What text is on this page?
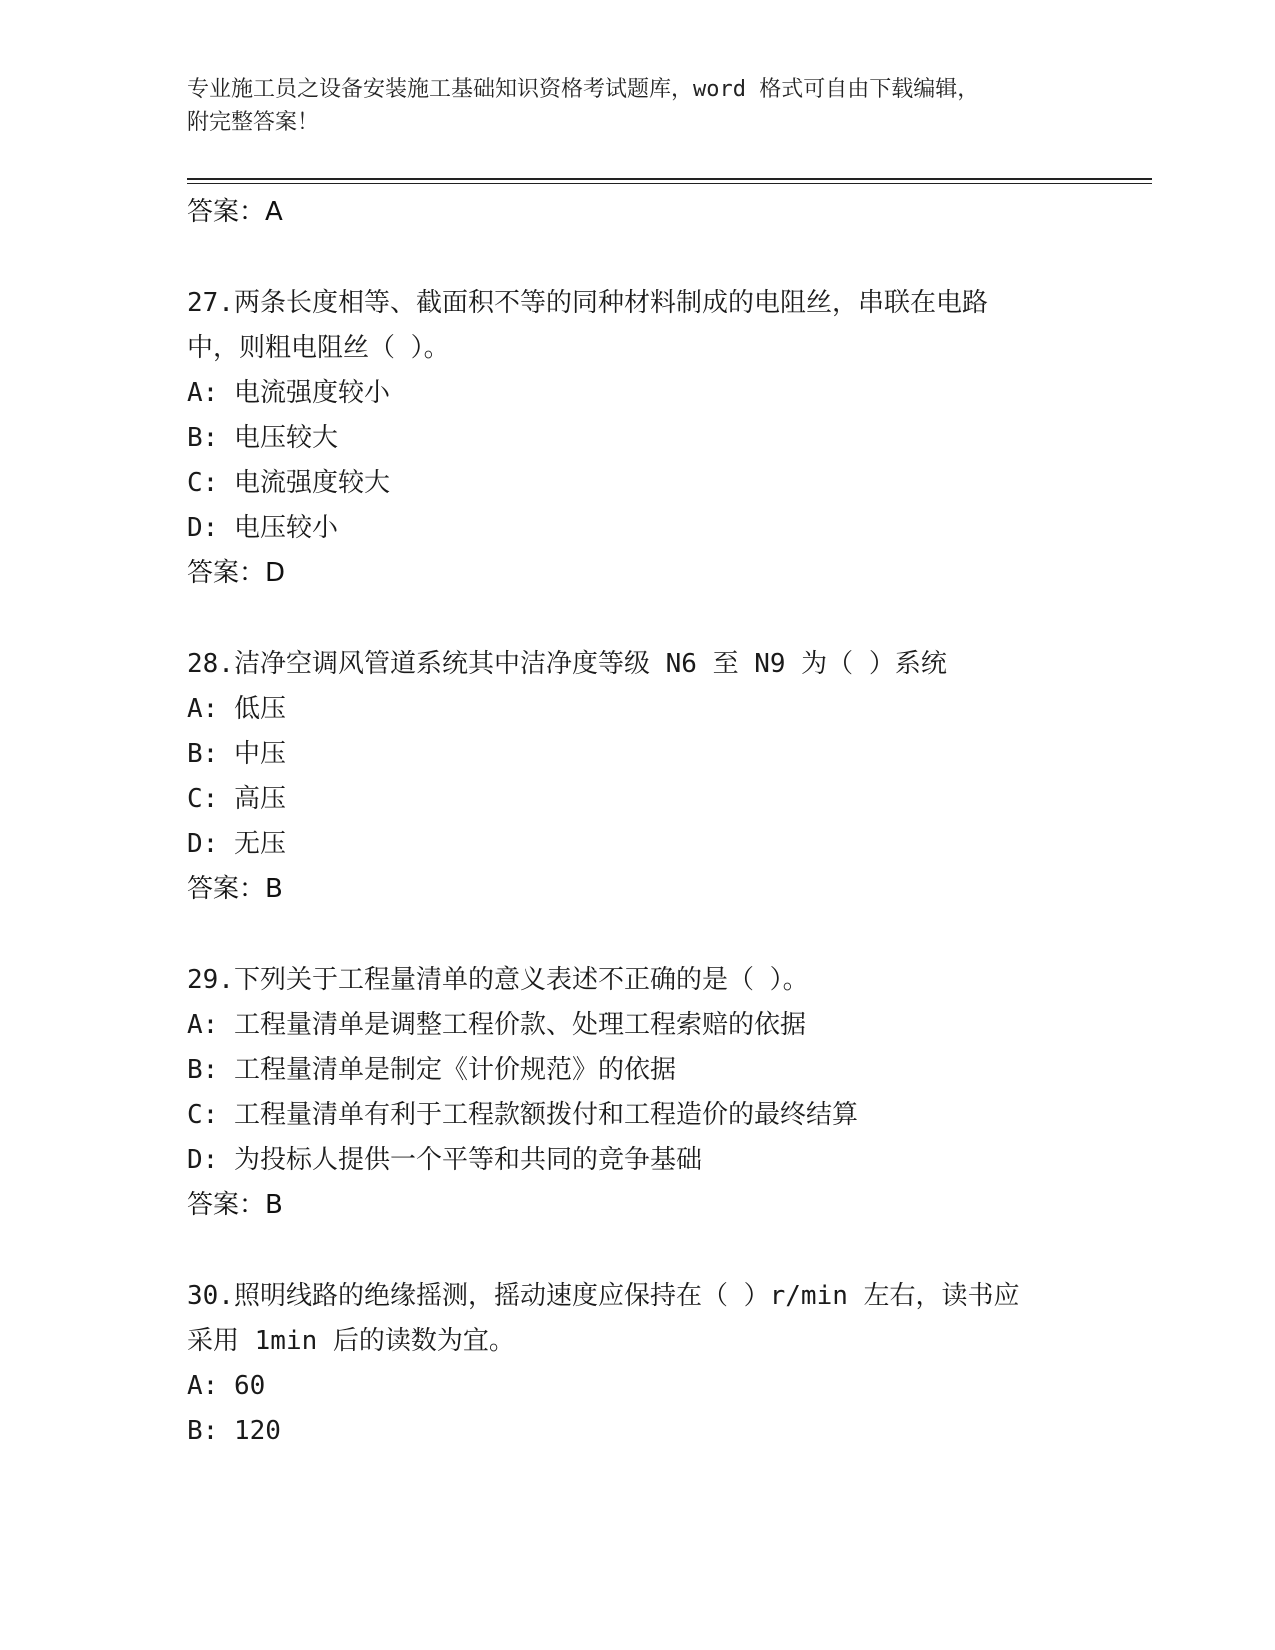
专业施工员之设备安装施工基础知识资格考试题库，word 格式可自由下载编辑，
附完整答案！
答案：A
27.两条长度相等、截面积不等的同种材料制成的电阻丝，串联在电路
中，则粗电阻丝（ ）。
A: 电流强度较小
B: 电压较大
C: 电流强度较大
D: 电压较小
答案：D
28.洁净空调风管道系统其中洁净度等级 N6 至 N9 为（ ）系统
A: 低压
B: 中压
C: 高压
D: 无压
答案：B
29.下列关于工程量清单的意义表述不正确的是（ ）。
A: 工程量清单是调整工程价款、处理工程索赔的依据
B: 工程量清单是制定《计价规范》的依据
C: 工程量清单有利于工程款额拨付和工程造价的最终结算
D: 为投标人提供一个平等和共同的竞争基础
答案：B
30.照明线路的绝缘摇测，摇动速度应保持在（ ）r/min 左右，读书应
采用 1min 后的读数为宜。
A: 60
B: 120
